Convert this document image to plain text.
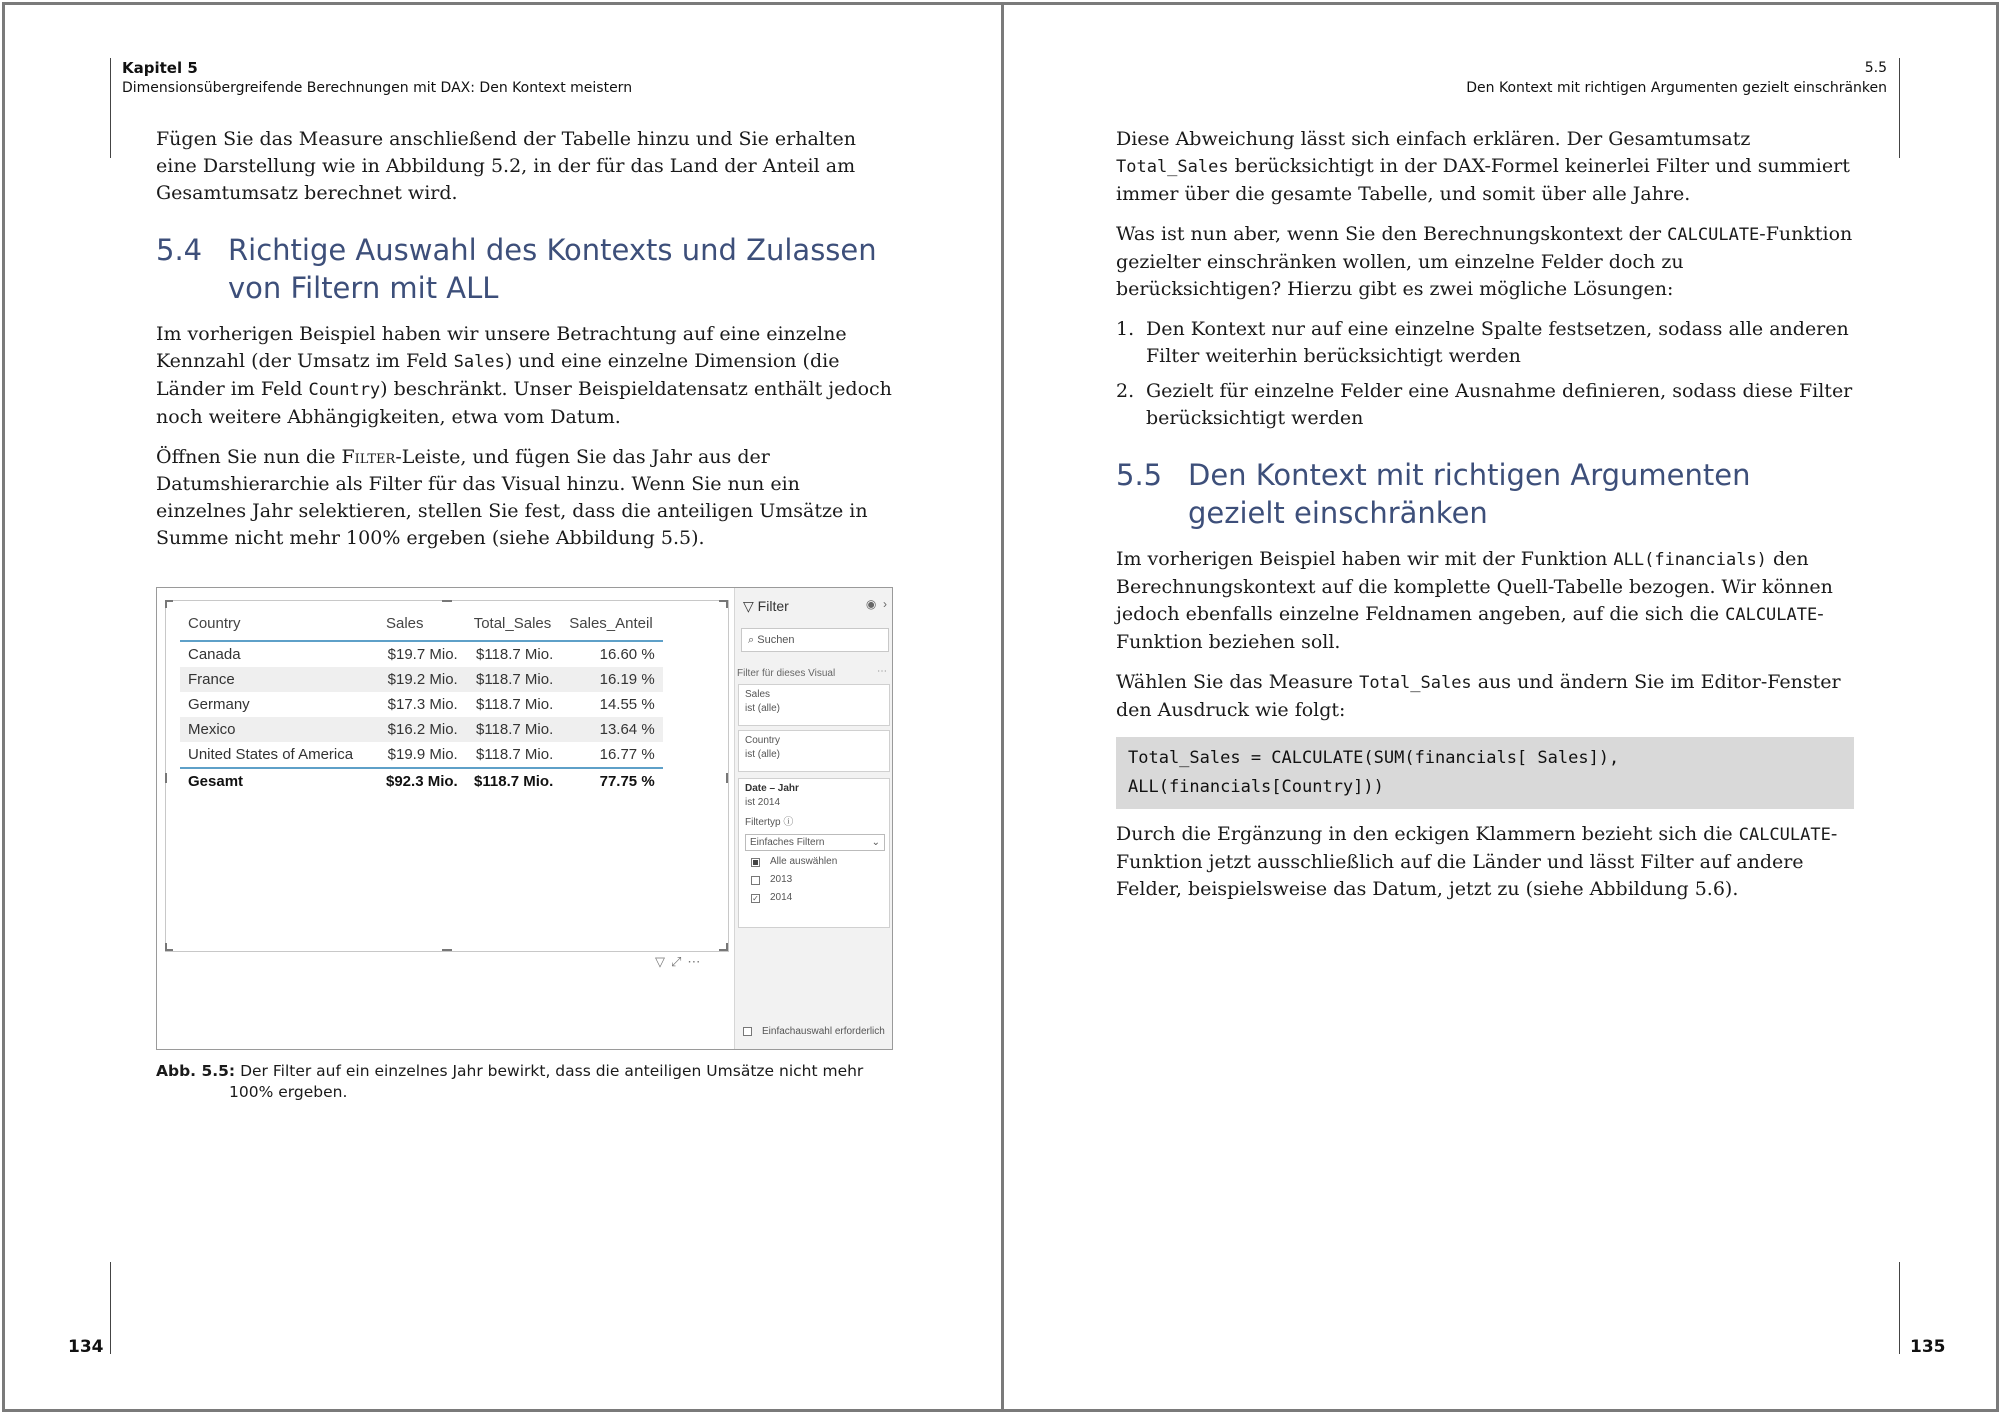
Kapitel 5
Dimensionsübergreifende Berechnungen mit DAX: Den Kontext meistern

Fügen Sie das Measure anschließend der Tabelle hinzu und Sie erhalten eine Darstellung wie in Abbildung 5.2, in der für das Land der Anteil am Gesamtumsatz berechnet wird.

5.4 Richtige Auswahl des Kontexts und Zulassen von Filtern mit ALL

Im vorherigen Beispiel haben wir unsere Betrachtung auf eine einzelne Kennzahl (der Umsatz im Feld Sales) und eine einzelne Dimension (die Länder im Feld Country) beschränkt. Unser Beispieldatensatz enthält jedoch noch weitere Abhängigkeiten, etwa vom Datum.

Öffnen Sie nun die Filter-Leiste, und fügen Sie das Jahr aus der Datumshierarchie als Filter für das Visual hinzu. Wenn Sie nun ein einzelnes Jahr selektieren, stellen Sie fest, dass die anteiligen Umsätze in Summe nicht mehr 100% ergeben (siehe Abbildung 5.5).

Country	Sales	Total_Sales	Sales_Anteil
Canada	$19.7 Mio.	$118.7 Mio.	16.60 %
France	$19.2 Mio.	$118.7 Mio.	16.19 %
Germany	$17.3 Mio.	$118.7 Mio.	14.55 %
Mexico	$16.2 Mio.	$118.7 Mio.	13.64 %
United States of America	$19.9 Mio.	$118.7 Mio.	16.77 %
Gesamt	$92.3 Mio.	$118.7 Mio.	77.75 %
▽⤢⋯
▽ Filter	◉ ›
⌕ Suchen
Filter für dieses Visual	⋯
Sales
ist (alle)
Country
ist (alle)
Date – Jahr
ist 2014
Filtertyp ⓘ
Einfaches Filtern	⌄
Alle auswählen
2013
✓ 2014
Einfachauswahl erforderlich
Abb. 5.5: Der Filter auf ein einzelnes Jahr bewirkt, dass die anteiligen Umsätze nicht mehr
100% ergeben.
134
5.5
Den Kontext mit richtigen Argumenten gezielt einschränken

Diese Abweichung lässt sich einfach erklären. Der Gesamtumsatz Total_Sales berücksichtigt in der DAX-Formel keinerlei Filter und summiert immer über die gesamte Tabelle, und somit über alle Jahre.

Was ist nun aber, wenn Sie den Berechnungskontext der CALCULATE-Funktion gezielter einschränken wollen, um einzelne Felder doch zu berücksichtigen? Hierzu gibt es zwei mögliche Lösungen:

1. Den Kontext nur auf eine einzelne Spalte festsetzen, sodass alle anderen Filter weiterhin berücksichtigt werden
2. Gezielt für einzelne Felder eine Ausnahme definieren, sodass diese Filter berücksichtigt werden
5.5 Den Kontext mit richtigen Argumenten gezielt einschränken

Im vorherigen Beispiel haben wir mit der Funktion ALL(financials) den Berechnungskontext auf die komplette Quell-Tabelle bezogen. Wir können jedoch ebenfalls einzelne Feldnamen angeben, auf die sich die CALCULATE-Funktion beziehen soll.

Wählen Sie das Measure Total_Sales aus und ändern Sie im Editor-Fenster den Ausdruck wie folgt:

Total_Sales = CALCULATE(SUM(financials[ Sales]),
ALL(financials[Country]))

Durch die Ergänzung in den eckigen Klammern bezieht sich die CALCULATE-Funktion jetzt ausschließlich auf die Länder und lässt Filter auf andere Felder, beispielsweise das Datum, jetzt zu (siehe Abbildung 5.6).

135
